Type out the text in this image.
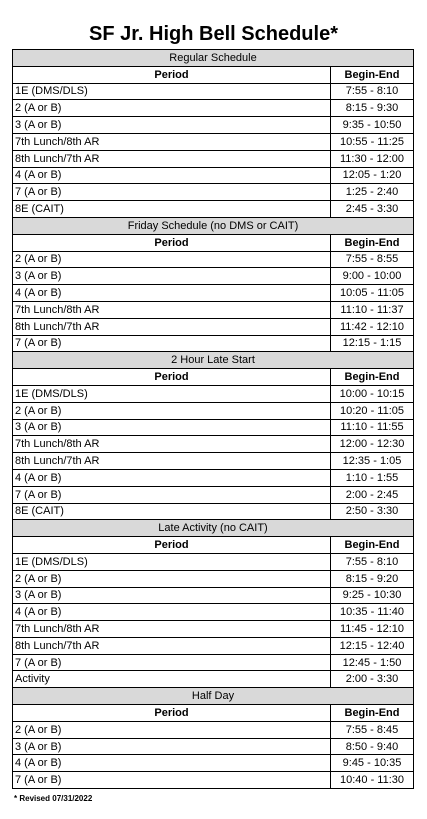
SF Jr. High Bell Schedule*
Regular Schedule	
Period	Begin-End
1E (DMS/DLS)	7:55 - 8:10
2 (A or B)	8:15 - 9:30
3 (A or B)	9:35 - 10:50
7th Lunch/8th AR	10:55 - 11:25
8th Lunch/7th AR	11:30 - 12:00
4 (A or B)	12:05 - 1:20
7 (A or B)	1:25 - 2:40
8E (CAIT)	2:45 - 3:30
Friday Schedule (no DMS or CAIT)	
Period	Begin-End
2 (A or B)	7:55 - 8:55
3 (A or B)	9:00 - 10:00
4 (A or B)	10:05 - 11:05
7th Lunch/8th AR	11:10 - 11:37
8th Lunch/7th AR	11:42 - 12:10
7 (A or B)	12:15 - 1:15
2 Hour Late Start	
Period	Begin-End
1E (DMS/DLS)	10:00 - 10:15
2 (A or B)	10:20 - 11:05
3 (A or B)	11:10 - 11:55
7th Lunch/8th AR	12:00 - 12:30
8th Lunch/7th AR	12:35 - 1:05
4 (A or B)	1:10 - 1:55
7 (A or B)	2:00 - 2:45
8E (CAIT)	2:50 - 3:30
Late Activity (no CAIT)	
Period	Begin-End
1E (DMS/DLS)	7:55 - 8:10
2 (A or B)	8:15 - 9:20
3 (A or B)	9:25 - 10:30
4 (A or B)	10:35 - 11:40
7th Lunch/8th AR	11:45 - 12:10
8th Lunch/7th AR	12:15 - 12:40
7 (A or B)	12:45 - 1:50
Activity	2:00 - 3:30
Half Day	
Period	Begin-End
2 (A or B)	7:55 - 8:45
3 (A or B)	8:50 - 9:40
4 (A or B)	9:45 - 10:35
7 (A or B)	10:40 - 11:30

* Revised 07/31/2022
